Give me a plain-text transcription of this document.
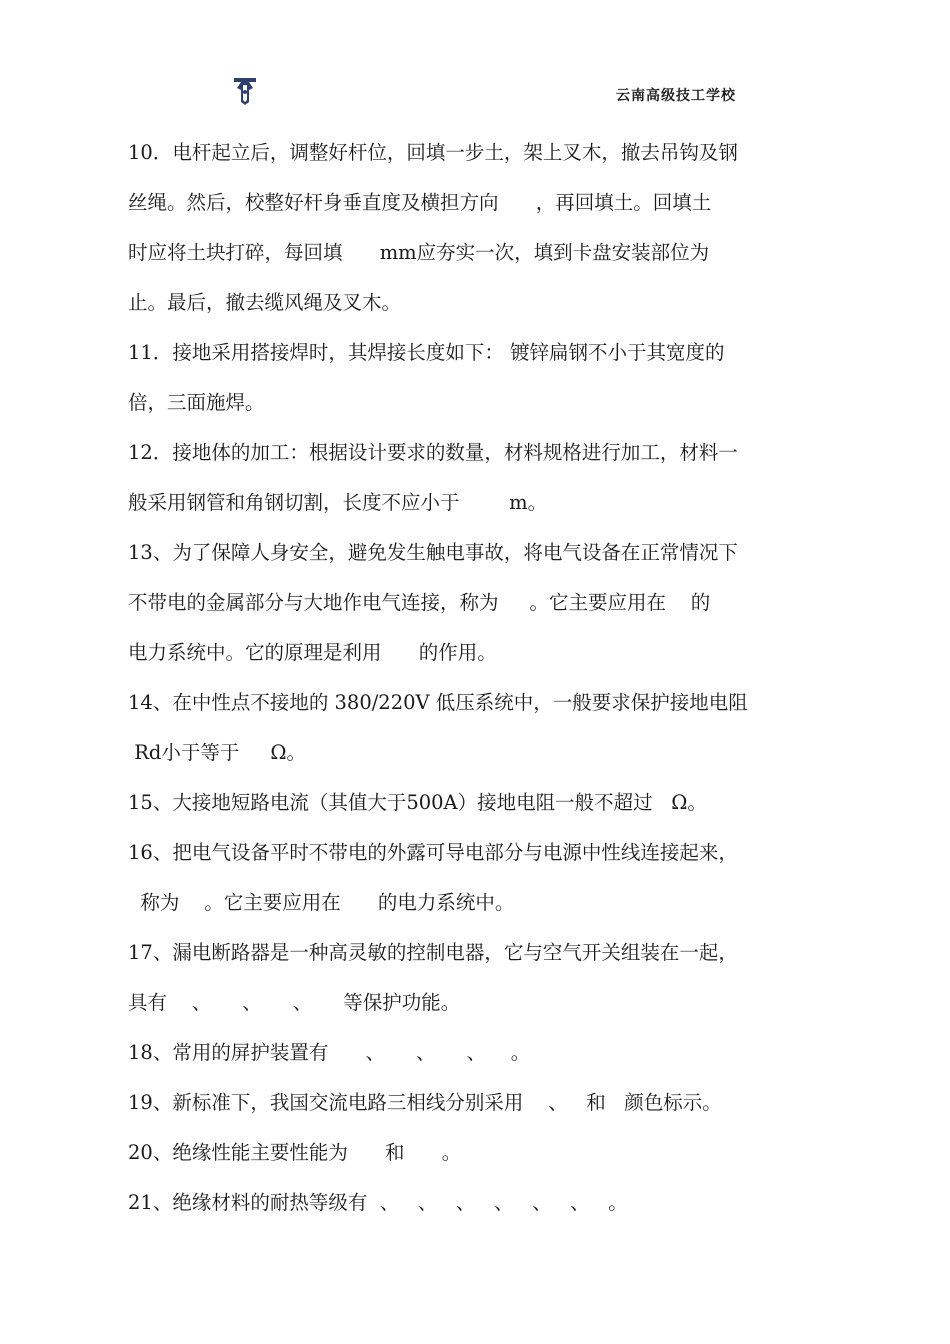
云南高级技工学校
10．电杆起立后，调整好杆位，回填一步土，架上叉木，撤去吊钩及钢
丝绳。然后，校整好杆身垂直度及横担方向      ，再回填土。回填土
时应将土块打碎，每回填      mm应夯实一次，填到卡盘安装部位为
止。最后，撤去缆风绳及叉木。
11．接地采用搭接焊时，其焊接长度如下： 镀锌扁钢不小于其宽度的
倍，三面施焊。
12．接地体的加工：根据设计要求的数量，材料规格进行加工，材料一
般采用钢管和角钢切割，长度不应小于        m。
13、为了保障人身安全，避免发生触电事故，将电气设备在正常情况下
不带电的金属部分与大地作电气连接，称为     。它主要应用在    的
电力系统中。它的原理是利用      的作用。
14、在中性点不接地的 380/220V 低压系统中，一般要求保护接地电阻
Rd小于等于     Ω。
15、大接地短路电流（其值大于500A）接地电阻一般不超过   Ω。
16、把电气设备平时不带电的外露可导电部分与电源中性线连接起来，
称为    。它主要应用在      的电力系统中。
17、漏电断路器是一种高灵敏的控制电器，它与空气开关组装在一起，
具有    、     、     、     等保护功能。
18、常用的屏护装置有      、     、     、    。
19、新标准下，我国交流电路三相线分别采用    、   和   颜色标示。
20、绝缘性能主要性能为      和      。
21、绝缘材料的耐热等级有  、   、   、   、   、   、   。
